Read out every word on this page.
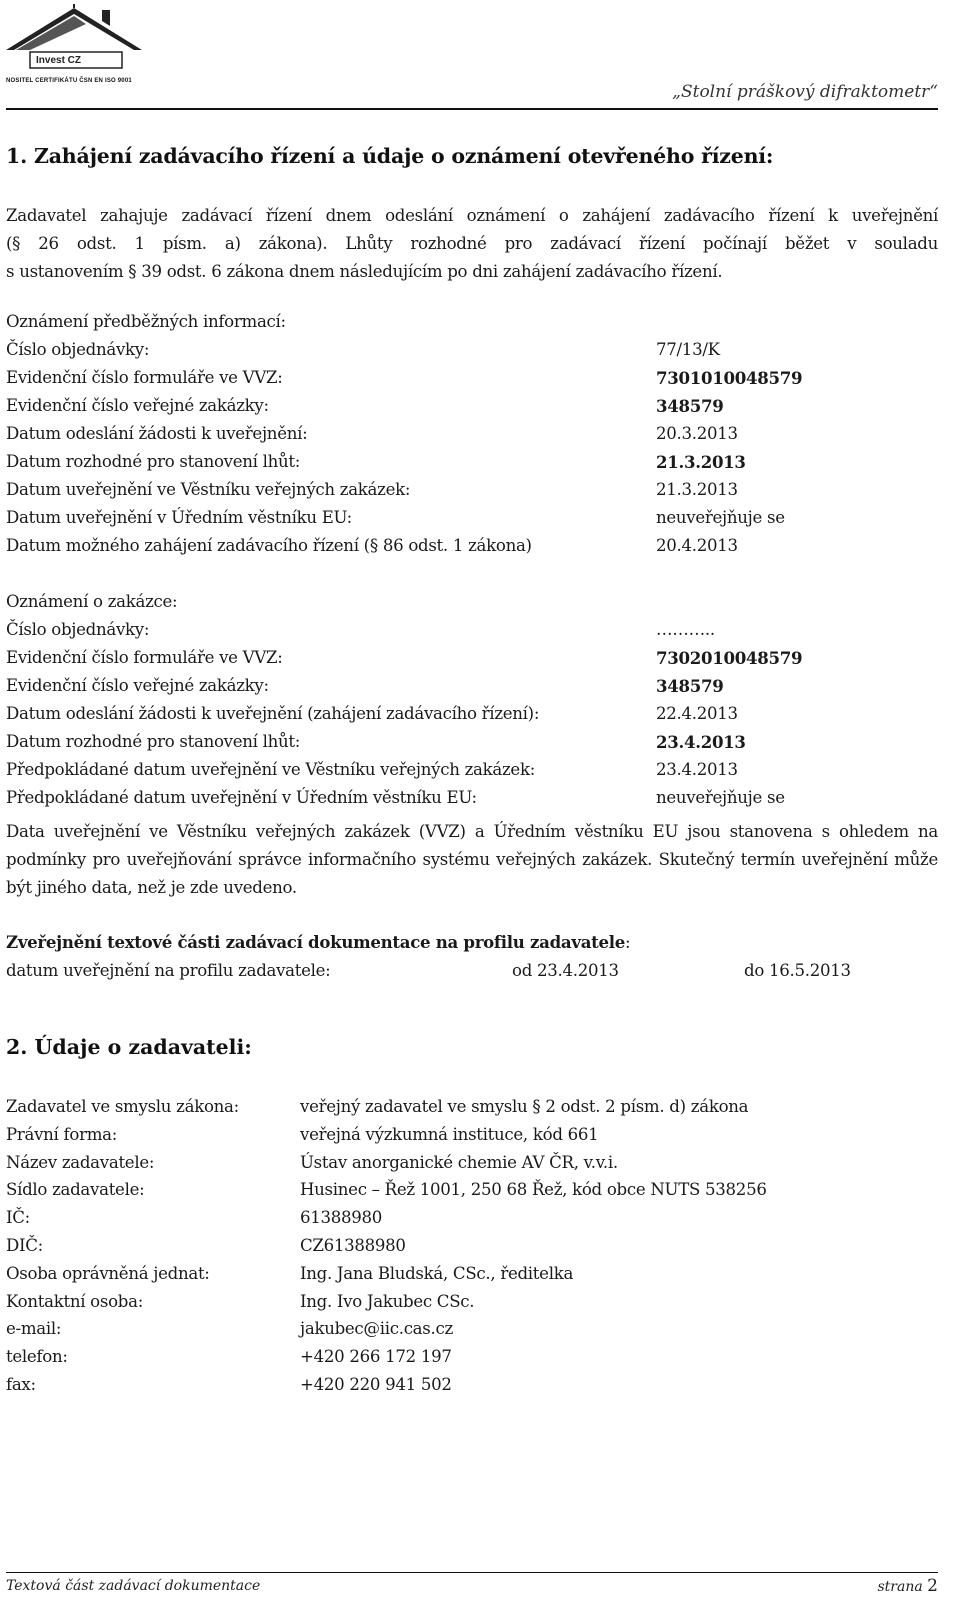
Invest CZ
NOSITEL CERTIFIKÁTU ČSN EN ISO 9001
„Stolní práškový difraktometr“
1. Zahájení zadávacího řízení a údaje o oznámení otevřeného řízení:

Zadavatel zahajuje zadávací řízení dnem odeslání oznámení o zahájení zadávacího řízení k uveřejnění

(§ 26 odst. 1 písm. a) zákona). Lhůty rozhodné pro zadávací řízení počínají běžet v souladu

s ustanovením § 39 odst. 6 zákona dnem následujícím po dni zahájení zadávacího řízení.

Oznámení předběžných informací:
Číslo objednávky:	77/13/K
Evidenční číslo formuláře ve VVZ:	7301010048579
Evidenční číslo veřejné zakázky:	348579
Datum odeslání žádosti k uveřejnění:	20.3.2013
Datum rozhodné pro stanovení lhůt:	21.3.2013
Datum uveřejnění ve Věstníku veřejných zakázek:	21.3.2013
Datum uveřejnění v Úředním věstníku EU:	neuveřejňuje se
Datum možného zahájení zadávacího řízení (§ 86 odst. 1 zákona)	20.4.2013
Oznámení o zakázce:
Číslo objednávky:	………..
Evidenční číslo formuláře ve VVZ:	7302010048579
Evidenční číslo veřejné zakázky:	348579
Datum odeslání žádosti k uveřejnění (zahájení zadávacího řízení):	22.4.2013
Datum rozhodné pro stanovení lhůt:	23.4.2013
Předpokládané datum uveřejnění ve Věstníku veřejných zakázek:	23.4.2013
Předpokládané datum uveřejnění v Úředním věstníku EU:	neuveřejňuje se

Data uveřejnění ve Věstníku veřejných zakázek (VVZ) a Úředním věstníku EU jsou stanovena s ohledem na podmínky pro uveřejňování správce informačního systému veřejných zakázek. Skutečný termín uveřejnění může být jiného data, než je zde uvedeno.

Zveřejnění textové části zadávací dokumentace na profilu zadavatele:
datum uveřejnění na profilu zadavatele:	od 23.4.2013	do 16.5.2013
2. Údaje o zadavateli:
Zadavatel ve smyslu zákona:	veřejný zadavatel ve smyslu § 2 odst. 2 písm. d) zákona
Právní forma:	veřejná výzkumná instituce, kód 661
Název zadavatele:	Ústav anorganické chemie AV ČR, v.v.i.
Sídlo zadavatele:	Husinec – Řež 1001, 250 68 Řež, kód obce NUTS 538256
IČ:	61388980
DIČ:	CZ61388980
Osoba oprávněná jednat:	Ing. Jana Bludská, CSc., ředitelka
Kontaktní osoba:	Ing. Ivo Jakubec CSc.
e-mail:	jakubec@iic.cas.cz
telefon:	+420 266 172 197
fax:	+420 220 941 502
Textová část zadávací dokumentace	strana 2
